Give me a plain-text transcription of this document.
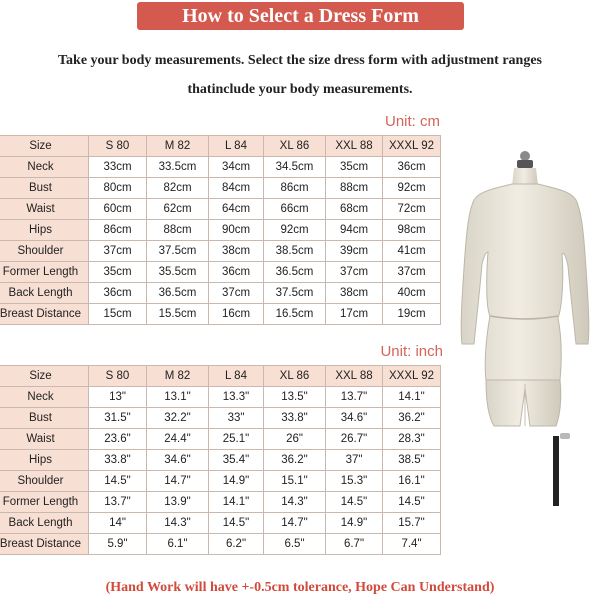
How to Select a Dress Form
Take your body measurements. Select the size dress form with adjustment ranges
thatinclude your body measurements.
Unit: cm
Size	S 80	M 82	L 84	XL 86	XXL 88	XXXL 92
Neck	33cm	33.5cm	34cm	34.5cm	35cm	36cm
Bust	80cm	82cm	84cm	86cm	88cm	92cm
Waist	60cm	62cm	64cm	66cm	68cm	72cm
Hips	86cm	88cm	90cm	92cm	94cm	98cm
Shoulder	37cm	37.5cm	38cm	38.5cm	39cm	41cm
Former Length	35cm	35.5cm	36cm	36.5cm	37cm	37cm
Back Length	36cm	36.5cm	37cm	37.5cm	38cm	40cm
Breast Distance	15cm	15.5cm	16cm	16.5cm	17cm	19cm
Unit: inch
Size	S 80	M 82	L 84	XL 86	XXL 88	XXXL 92
Neck	13"	13.1"	13.3"	13.5"	13.7"	14.1"
Bust	31.5"	32.2"	33"	33.8"	34.6"	36.2"
Waist	23.6"	24.4"	25.1"	26"	26.7"	28.3"
Hips	33.8"	34.6"	35.4"	36.2"	37"	38.5"
Shoulder	14.5"	14.7"	14.9"	15.1"	15.3"	16.1"
Former Length	13.7"	13.9"	14.1"	14.3"	14.5"	14.5"
Back Length	14"	14.3"	14.5"	14.7"	14.9"	15.7"
Breast Distance	5.9"	6.1"	6.2"	6.5"	6.7"	7.4"
(Hand Work will have +-0.5cm tolerance, Hope Can Understand)
